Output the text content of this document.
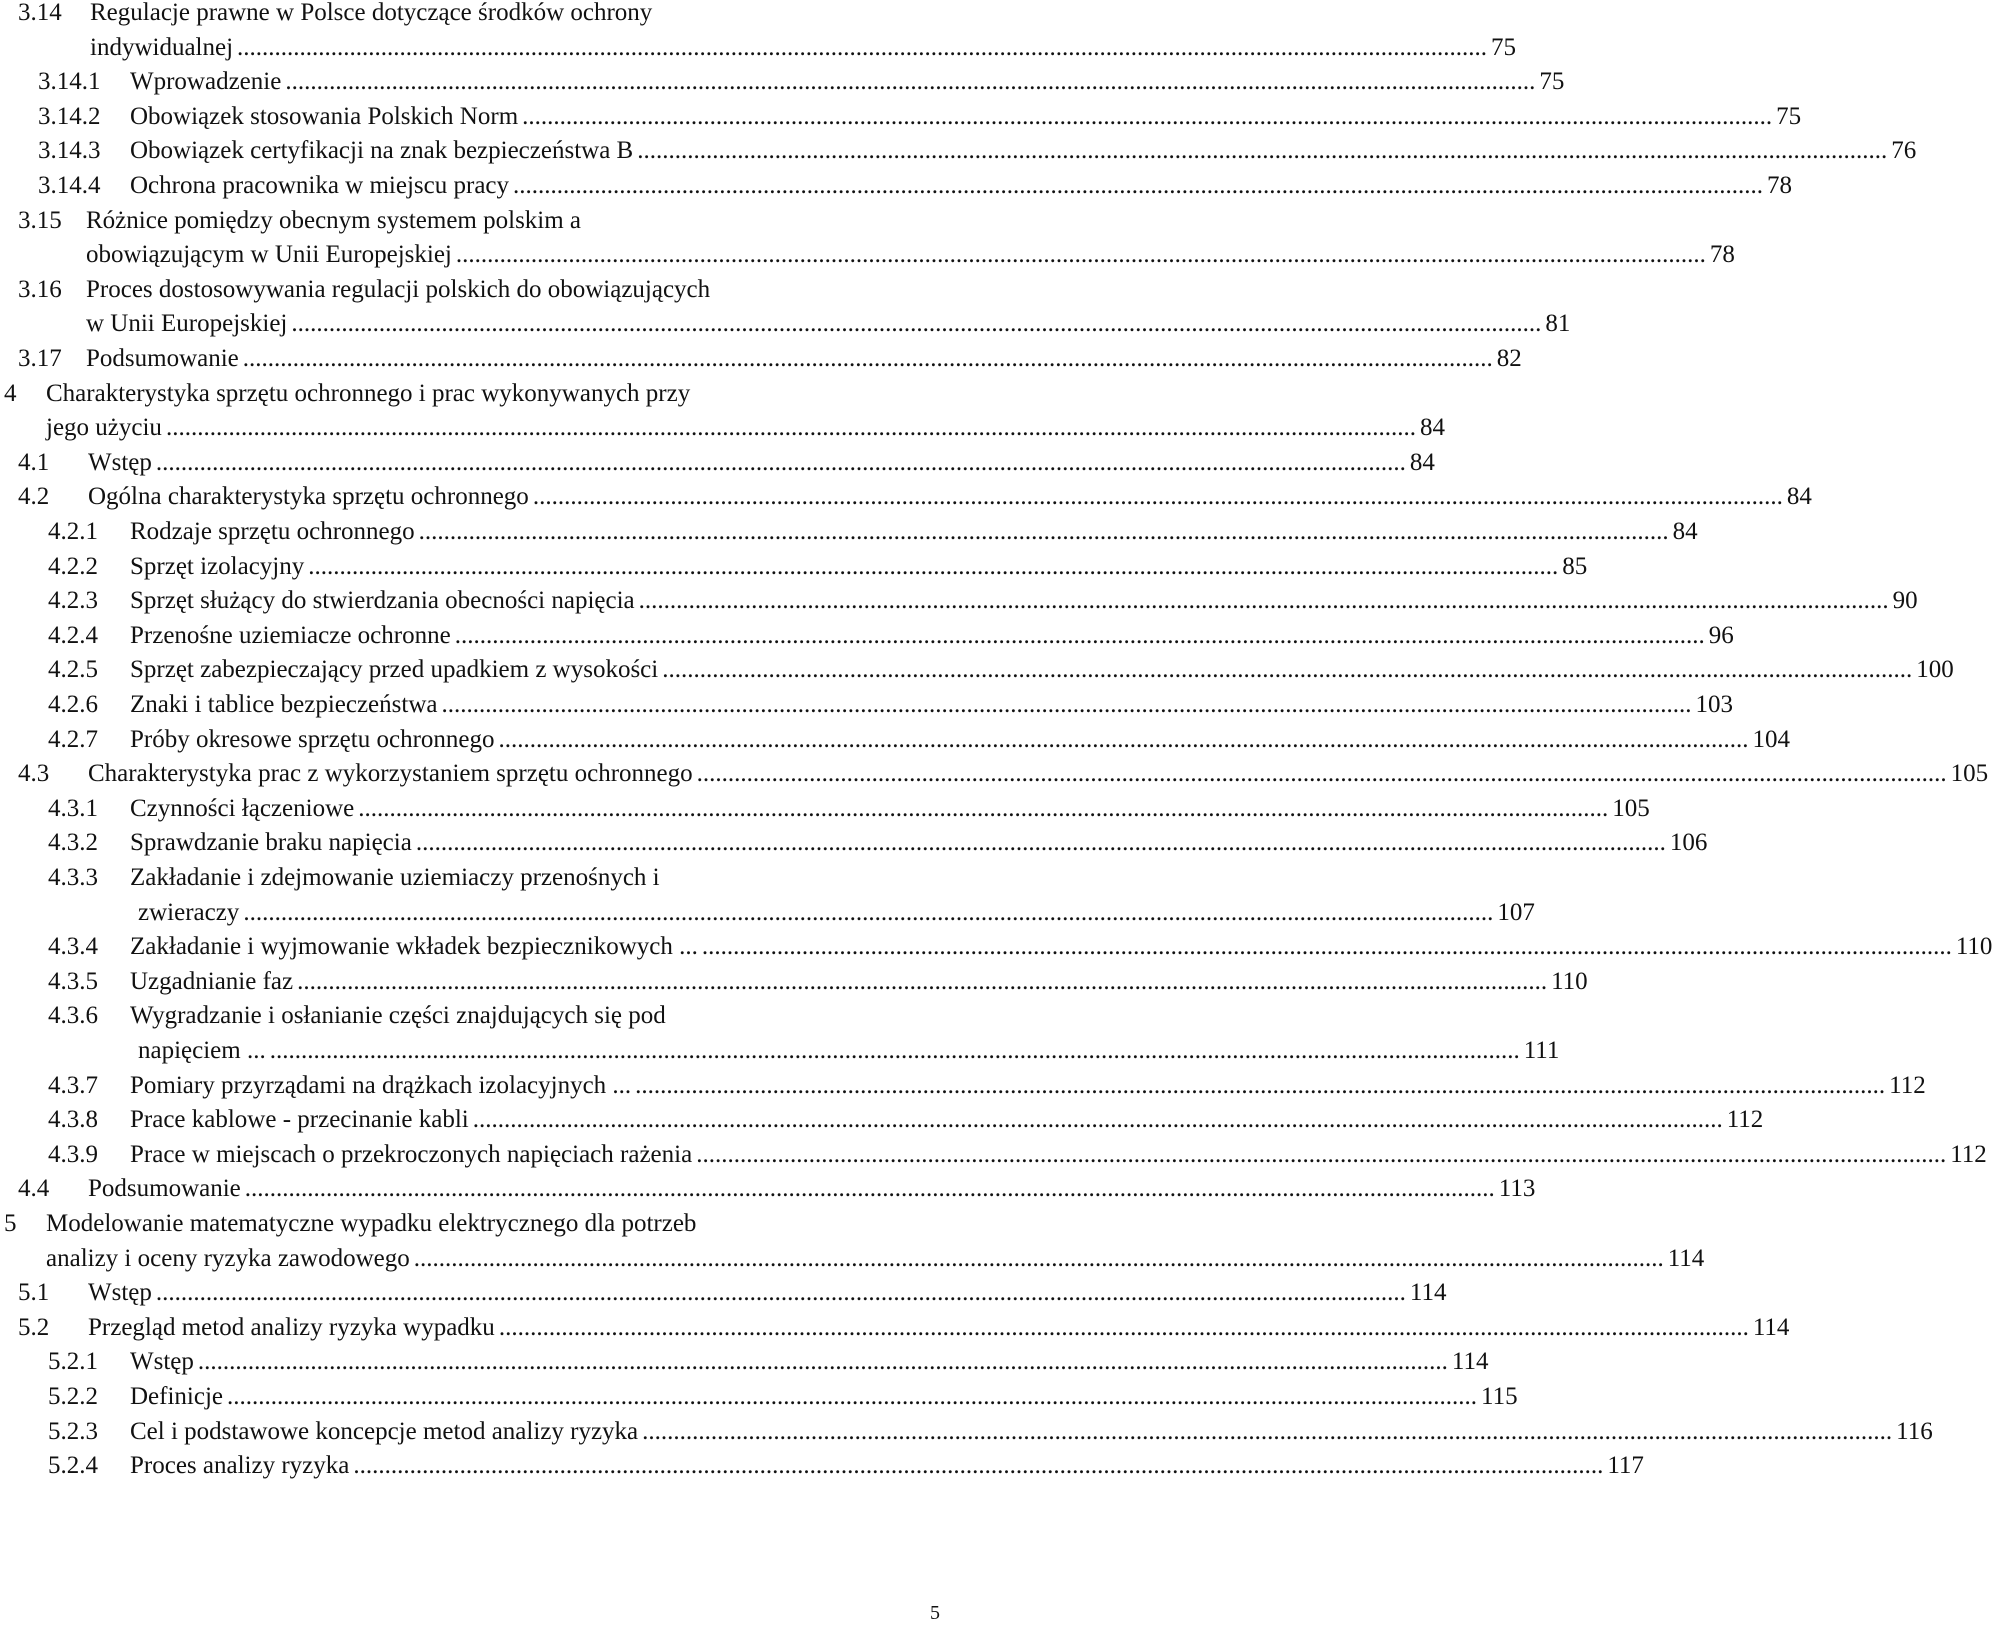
3.14	Regulacje prawne w Polsce dotyczące środków ochrony
indywidualnej ........................................................................................................................................................................................................ 75
3.14.1	Wprowadzenie ........................................................................................................................................................................................................ 75
3.14.2	Obowiązek stosowania Polskich Norm ........................................................................................................................................................................................................ 75
3.14.3	Obowiązek certyfikacji na znak bezpieczeństwa B ........................................................................................................................................................................................................ 76
3.14.4	Ochrona pracownika w miejscu pracy ........................................................................................................................................................................................................ 78
3.15 Różnice pomiędzy obecnym systemem polskim a
obowiązującym w Unii Europejskiej ........................................................................................................................................................................................................ 78
3.16 Proces dostosowywania regulacji polskich do obowiązujących
w Unii Europejskiej ........................................................................................................................................................................................................ 81
3.17 Podsumowanie ........................................................................................................................................................................................................ 82
4	Charakterystyka sprzętu ochronnego i prac wykonywanych przy
jego użyciu ........................................................................................................................................................................................................ 84
4.1	Wstęp ........................................................................................................................................................................................................ 84
4.2	Ogólna charakterystyka sprzętu ochronnego ........................................................................................................................................................................................................ 84
4.2.1	Rodzaje sprzętu ochronnego ........................................................................................................................................................................................................ 84
4.2.2	Sprzęt izolacyjny ........................................................................................................................................................................................................ 85
4.2.3	Sprzęt służący do stwierdzania obecności napięcia ........................................................................................................................................................................................................ 90
4.2.4	Przenośne uziemiacze ochronne ........................................................................................................................................................................................................ 96
4.2.5	Sprzęt zabezpieczający przed upadkiem z wysokości ........................................................................................................................................................................................................ 100
4.2.6	Znaki i tablice bezpieczeństwa ........................................................................................................................................................................................................ 103
4.2.7	Próby okresowe sprzętu ochronnego ........................................................................................................................................................................................................ 104
4.3	Charakterystyka prac z wykorzystaniem sprzętu ochronnego ........................................................................................................................................................................................................ 105
4.3.1	Czynności łączeniowe ........................................................................................................................................................................................................ 105
4.3.2	Sprawdzanie braku napięcia ........................................................................................................................................................................................................ 106
4.3.3	Zakładanie i zdejmowanie uziemiaczy przenośnych i
zwieraczy ........................................................................................................................................................................................................ 107
4.3.4	Zakładanie i wyjmowanie wkładek bezpiecznikowych ... ........................................................................................................................................................................................................ 110
4.3.5	Uzgadnianie faz ........................................................................................................................................................................................................ 110
4.3.6	Wygradzanie i osłanianie części znajdujących się pod
napięciem ... ........................................................................................................................................................................................................ 111
4.3.7	Pomiary przyrządami na drążkach izolacyjnych ... ........................................................................................................................................................................................................ 112
4.3.8	Prace kablowe - przecinanie kabli ........................................................................................................................................................................................................ 112
4.3.9	Prace w miejscach o przekroczonych napięciach rażenia ........................................................................................................................................................................................................ 112
4.4	Podsumowanie ........................................................................................................................................................................................................ 113
5	Modelowanie matematyczne wypadku elektrycznego dla potrzeb
analizy i oceny ryzyka zawodowego ........................................................................................................................................................................................................ 114
5.1	Wstęp ........................................................................................................................................................................................................ 114
5.2	Przegląd metod analizy ryzyka wypadku ........................................................................................................................................................................................................ 114
5.2.1	Wstęp ........................................................................................................................................................................................................ 114
5.2.2	Definicje ........................................................................................................................................................................................................ 115
5.2.3	Cel i podstawowe koncepcje metod analizy ryzyka ........................................................................................................................................................................................................ 116
5.2.4	Proces analizy ryzyka ........................................................................................................................................................................................................ 117
5
